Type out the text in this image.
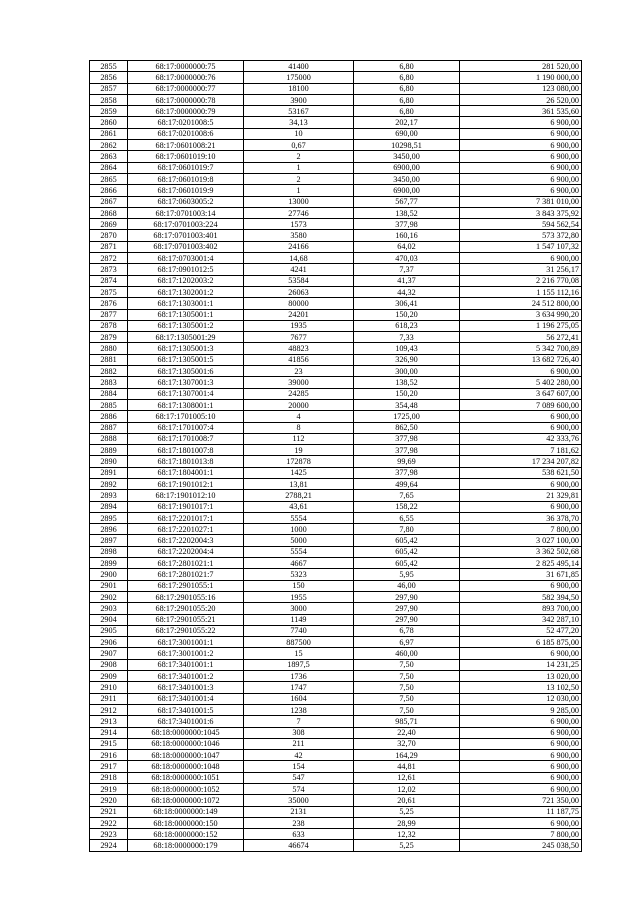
2855	68:17:0000000:75	41400	6,80	281 520,00
2856	68:17:0000000:76	175000	6,80	1 190 000,00
2857	68:17:0000000:77	18100	6,80	123 080,00
2858	68:17:0000000:78	3900	6,80	26 520,00
2859	68:17:0000000:79	53167	6,80	361 535,60
2860	68:17:0201008:5	34,13	202,17	6 900,00
2861	68:17:0201008:6	10	690,00	6 900,00
2862	68:17:0601008:21	0,67	10298,51	6 900,00
2863	68:17:0601019:10	2	3450,00	6 900,00
2864	68:17:0601019:7	1	6900,00	6 900,00
2865	68:17:0601019:8	2	3450,00	6 900,00
2866	68:17:0601019:9	1	6900,00	6 900,00
2867	68:17:0603005:2	13000	567,77	7 381 010,00
2868	68:17:0701003:14	27746	138,52	3 843 375,92
2869	68:17:0701003:224	1573	377,98	594 562,54
2870	68:17:0701003:401	3580	160,16	573 372,80
2871	68:17:0701003:402	24166	64,02	1 547 107,32
2872	68:17:0703001:4	14,68	470,03	6 900,00
2873	68:17:0901012:5	4241	7,37	31 256,17
2874	68:17:1202003:2	53584	41,37	2 216 770,08
2875	68:17:1302001:2	26063	44,32	1 155 112,16
2876	68:17:1303001:1	80000	306,41	24 512 800,00
2877	68:17:1305001:1	24201	150,20	3 634 990,20
2878	68:17:1305001:2	1935	618,23	1 196 275,05
2879	68:17:1305001:29	7677	7,33	56 272,41
2880	68:17:1305001:3	48823	109,43	5 342 700,89
2881	68:17:1305001:5	41856	326,90	13 682 726,40
2882	68:17:1305001:6	23	300,00	6 900,00
2883	68:17:1307001:3	39000	138,52	5 402 280,00
2884	68:17:1307001:4	24285	150,20	3 647 607,00
2885	68:17:1308001:1	20000	354,48	7 089 600,00
2886	68:17:1701005:10	4	1725,00	6 900,00
2887	68:17:1701007:4	8	862,50	6 900,00
2888	68:17:1701008:7	112	377,98	42 333,76
2889	68:17:1801007:8	19	377,98	7 181,62
2890	68:17:1801013:8	172878	99,69	17 234 207,82
2891	68:17:1804001:1	1425	377,98	538 621,50
2892	68:17:1901012:1	13,81	499,64	6 900,00
2893	68:17:1901012:10	2788,21	7,65	21 329,81
2894	68:17:1901017:1	43,61	158,22	6 900,00
2895	68:17:2201017:1	5554	6,55	36 378,70
2896	68:17:2201027:1	1000	7,80	7 800,00
2897	68:17:2202004:3	5000	605,42	3 027 100,00
2898	68:17:2202004:4	5554	605,42	3 362 502,68
2899	68:17:2801021:1	4667	605,42	2 825 495,14
2900	68:17:2801021:7	5323	5,95	31 671,85
2901	68:17:2901055:1	150	46,00	6 900,00
2902	68:17:2901055:16	1955	297,90	582 394,50
2903	68:17:2901055:20	3000	297,90	893 700,00
2904	68:17:2901055:21	1149	297,90	342 287,10
2905	68:17:2901055:22	7740	6,78	52 477,20
2906	68:17:3001001:1	887500	6,97	6 185 875,00
2907	68:17:3001001:2	15	460,00	6 900,00
2908	68:17:3401001:1	1897,5	7,50	14 231,25
2909	68:17:3401001:2	1736	7,50	13 020,00
2910	68:17:3401001:3	1747	7,50	13 102,50
2911	68:17:3401001:4	1604	7,50	12 030,00
2912	68:17:3401001:5	1238	7,50	9 285,00
2913	68:17:3401001:6	7	985,71	6 900,00
2914	68:18:0000000:1045	308	22,40	6 900,00
2915	68:18:0000000:1046	211	32,70	6 900,00
2916	68:18:0000000:1047	42	164,29	6 900,00
2917	68:18:0000000:1048	154	44,81	6 900,00
2918	68:18:0000000:1051	547	12,61	6 900,00
2919	68:18:0000000:1052	574	12,02	6 900,00
2920	68:18:0000000:1072	35000	20,61	721 350,00
2921	68:18:0000000:149	2131	5,25	11 187,75
2922	68:18:0000000:150	238	28,99	6 900,00
2923	68:18:0000000:152	633	12,32	7 800,00
2924	68:18:0000000:179	46674	5,25	245 038,50
